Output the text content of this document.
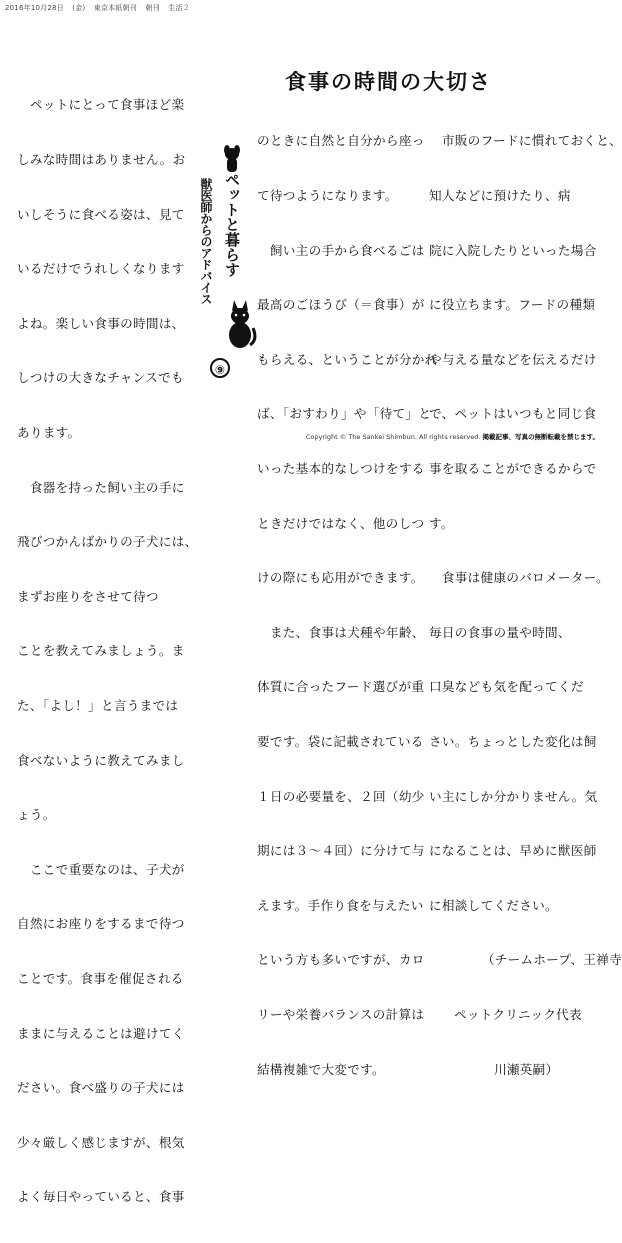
2016年10月28日 (金) 東京本紙朝刊 朝刊 生活２

　ペットにとって食事ほど楽

しみな時間はありません。お

いしそうに食べる姿は、見て

いるだけでうれしくなります

よね。楽しい食事の時間は、

しつけの大きなチャンスでも

あります。

　食器を持った飼い主の手に

飛びつかんばかりの子犬には、

まずお座りをさせて待つ

ことを教えてみましょう。ま

た、「よし！」と言うまでは

食べないように教えてみまし

ょう。

　ここで重要なのは、子犬が

自然にお座りをするまで待つ

ことです。食事を催促される

ままに与えることは避けてく

ださい。食べ盛りの子犬には

少々厳しく感じますが、根気

よく毎日やっていると、食事

ペットと暮らす
獣医師からのアドバイス
⑨
食事の時間の大切さ

のときに自然と自分から座っ

て待つようになります。

　飼い主の手から食べるごは

最高のごほうび（＝食事）が

もらえる、ということが分かれ

ば、「おすわり」や「待て」と

いった基本的なしつけをする

ときだけではなく、他のしつ

けの際にも応用ができます。

　また、食事は犬種や年齢、

体質に合ったフード選びが重

要です。袋に記載されている

１日の必要量を、２回（幼少

期には３〜４回）に分けて与

えます。手作り食を与えたい

という方も多いですが、カロ

リーや栄養バランスの計算は

結構複雑で大変です。

　市販のフードに慣れておくと、

知人などに預けたり、病

院に入院したりといった場合

に役立ちます。フードの種類

や与える量などを伝えるだけ

で、ペットはいつもと同じ食

事を取ることができるからで

す。

　食事は健康のバロメーター。

毎日の食事の量や時間、

口臭なども気を配ってくだ

さい。ちょっとした変化は飼

い主にしか分かりません。気

になることは、早めに獣医師

に相談してください。

（チームホープ、王禅寺

ペットクリニック代表

川瀬英嗣）

Copyright © The Sankei Shimbun. All rights reserved. 掲載記事、写真の無断転載を禁じます。
